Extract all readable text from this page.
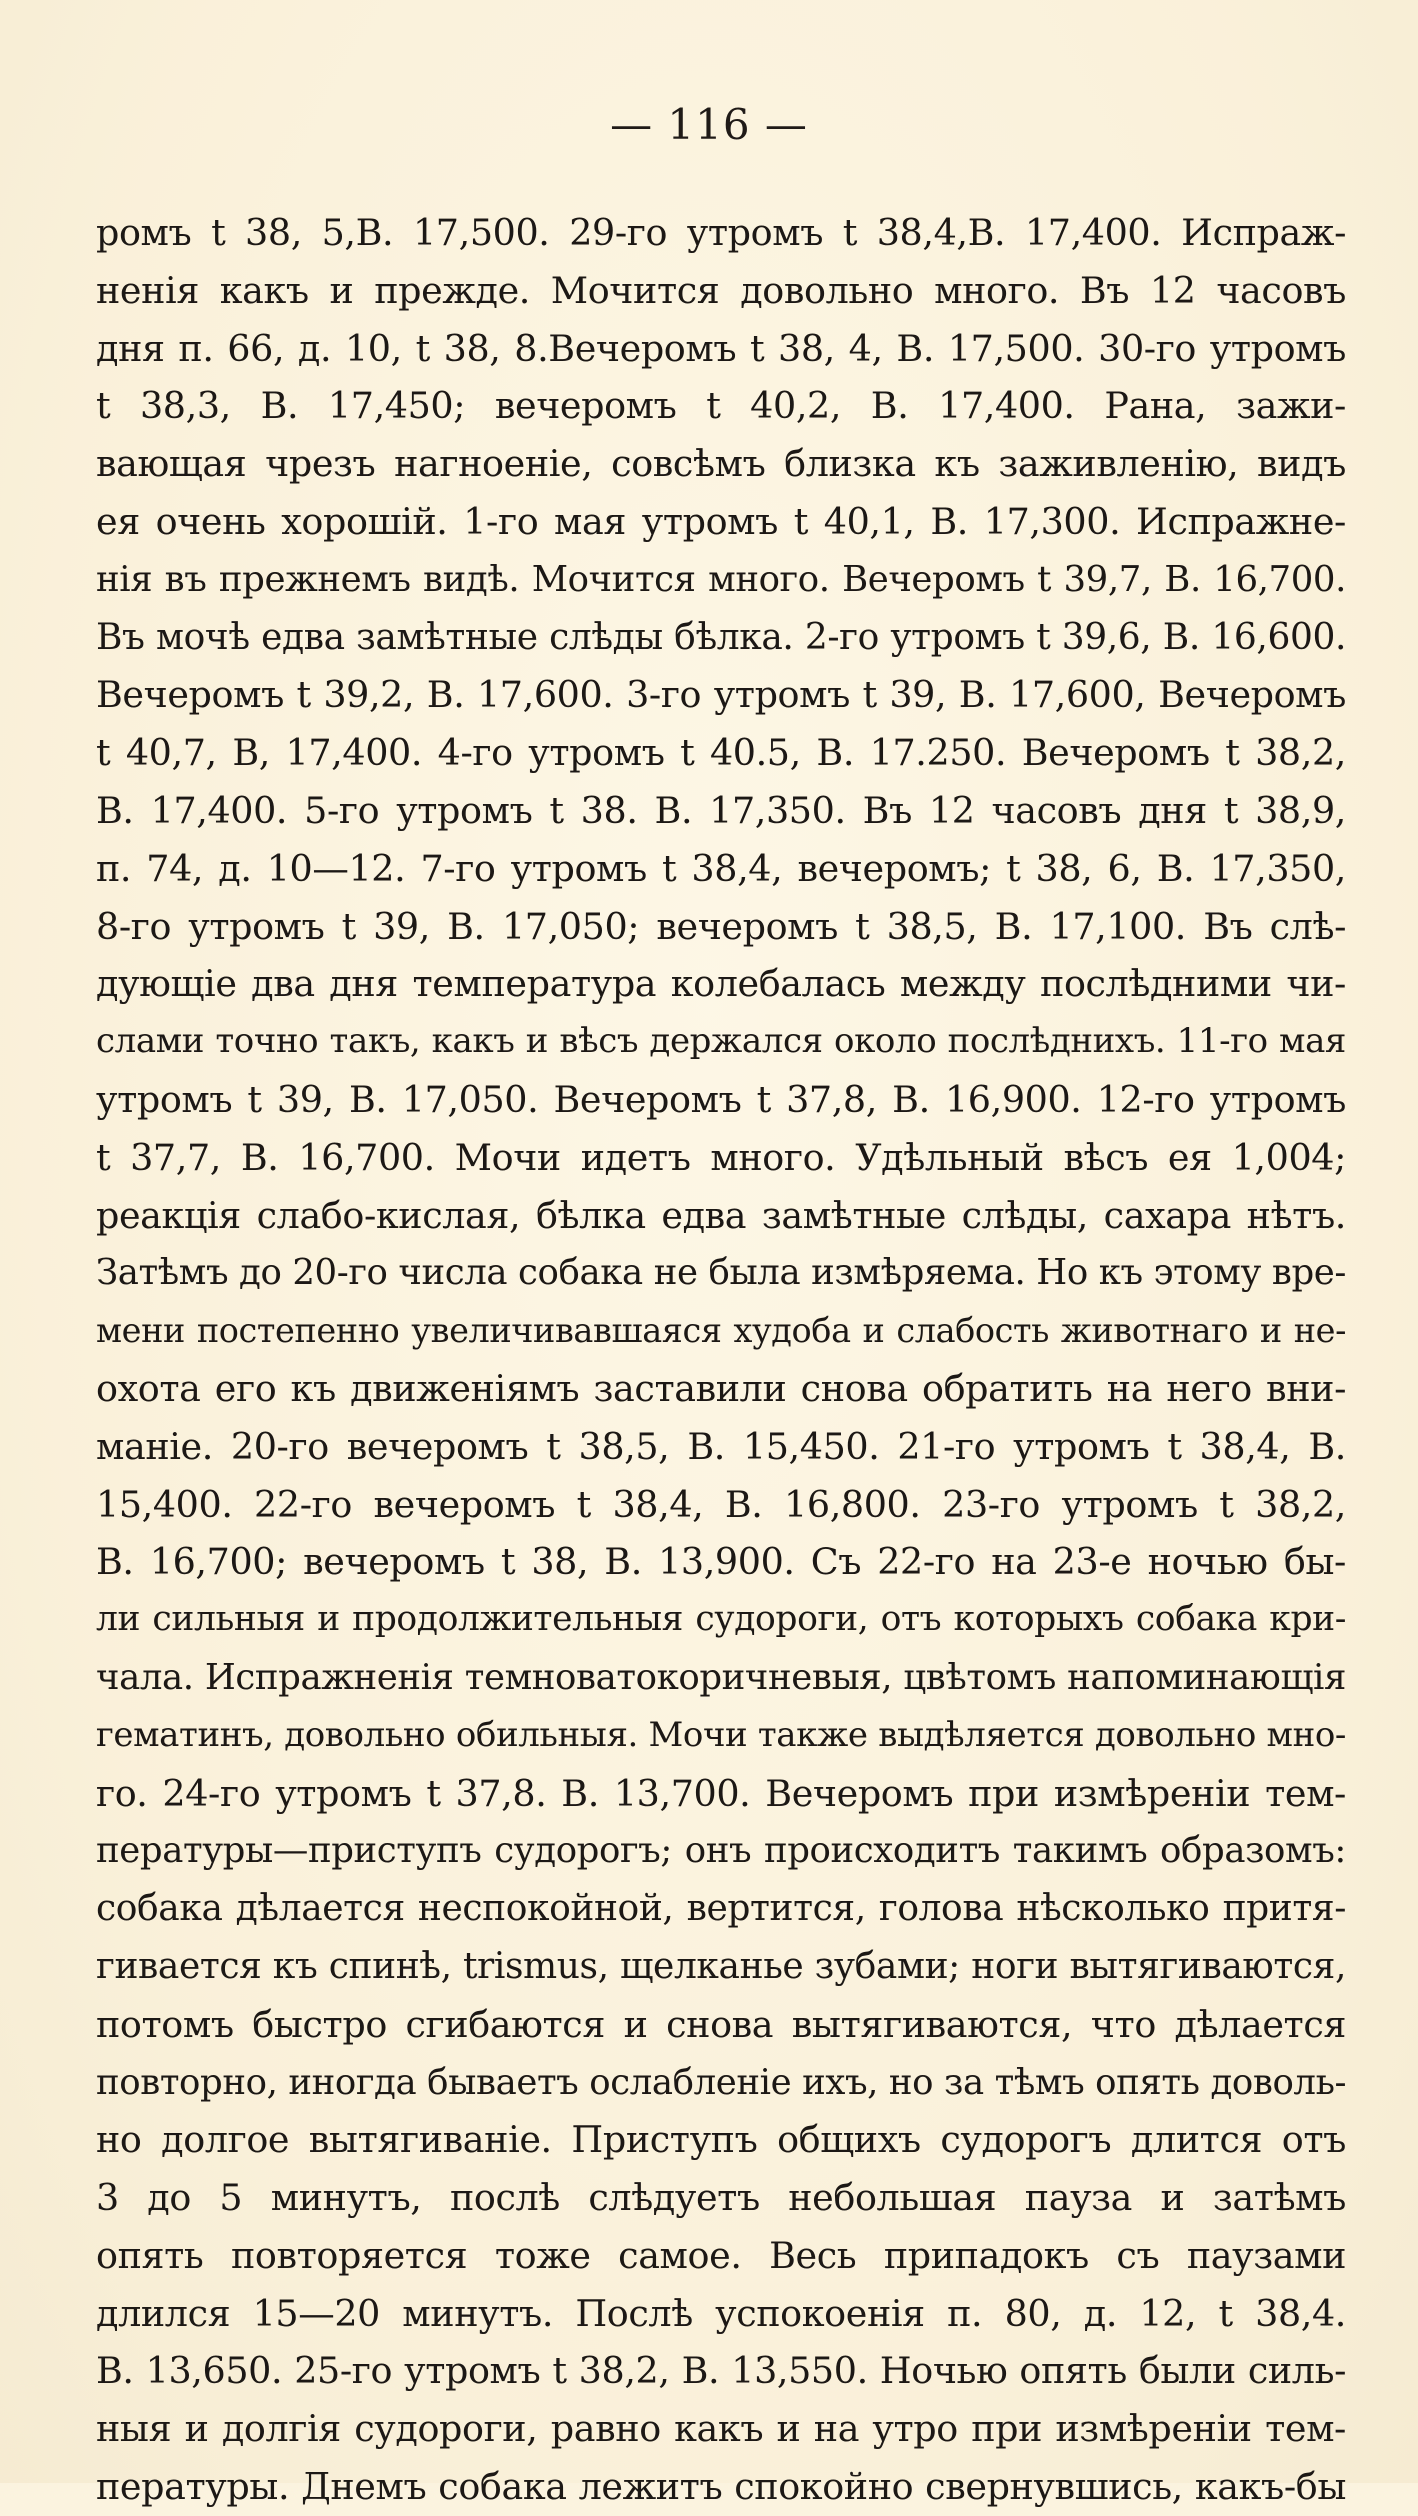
— 116 —
ромъ t 38, 5,B. 17,500. 29-го утромъ t 38,4,B. 17,400. Испраж-
ненія какъ и прежде. Мочится довольно много. Въ 12 часовъ
дня п. 66, д. 10, t 38, 8.Вечеромъ t 38, 4, B. 17,500. 30-го утромъ
t 38,3, В. 17,450; вечеромъ t 40,2, В. 17,400. Рана, зажи-
вающая чрезъ нагноеніе, совсѣмъ близка къ заживленію, видъ
ея очень хорошій. 1-го мая утромъ t 40,1, В. 17,300. Испражне-
нія въ прежнемъ видѣ. Мочится много. Вечеромъ t 39,7, B. 16,700.
Въ мочѣ едва замѣтные слѣды бѣлка. 2-го утромъ t 39,6, B. 16,600.
Вечеромъ t 39,2, B. 17,600. 3-го утромъ t 39, B. 17,600, Вечеромъ
t 40,7, B, 17,400. 4-го утромъ t 40.5, B. 17.250. Вечеромъ t 38,2,
В. 17,400. 5-го утромъ t 38. В. 17,350. Въ 12 часовъ дня t 38,9,
п. 74, д. 10—12. 7-го утромъ t 38,4, вечеромъ; t 38, 6, В. 17,350,
8-го утромъ t 39, В. 17,050; вечеромъ t 38,5, В. 17,100. Въ слѣ-
дующіе два дня температура колебалась между послѣдними чи-
слами точно такъ, какъ и вѣсъ держался около послѣднихъ. 11-го мая
утромъ t 39, B. 17,050. Вечеромъ t 37,8, B. 16,900. 12-го утромъ
t 37,7, В. 16,700. Мочи идетъ много. Удѣльный вѣсъ ея 1,004;
реакція слабо-кислая, бѣлка едва замѣтные слѣды, сахара нѣтъ.
Затѣмъ до 20-го числа собака не была измѣряема. Но къ этому вре-
мени постепенно увеличивавшаяся худоба и слабость животнаго и не-
охота его къ движеніямъ заставили снова обратить на него вни-
маніе. 20-го вечеромъ t 38,5, В. 15,450. 21-го утромъ t 38,4, В.
15,400. 22-го вечеромъ t 38,4, B. 16,800. 23-го утромъ t 38,2,
В. 16,700; вечеромъ t 38, B. 13,900. Съ 22-го на 23-е ночью бы-
ли сильныя и продолжительныя судороги, отъ которыхъ собака кри-
чала. Испражненія темноватокоричневыя, цвѣтомъ напоминающія
гематинъ, довольно обильныя. Мочи также выдѣляется довольно мно-
го. 24-го утромъ t 37,8. В. 13,700. Вечеромъ при измѣреніи тем-
пературы—приступъ судорогъ; онъ происходитъ такимъ образомъ:
собака дѣлается неспокойной, вертится, голова нѣсколько притя-
гивается къ спинѣ, trismus, щелканье зубами; ноги вытягиваются,
потомъ быстро сгибаются и снова вытягиваются, что дѣлается
повторно, иногда бываетъ ослабленіе ихъ, но за тѣмъ опять доволь-
но долгое вытягиваніе. Приступъ общихъ судорогъ длится отъ
3 до 5 минутъ, послѣ слѣдуетъ небольшая пауза и затѣмъ
опять повторяется тоже самое. Весь припадокъ съ паузами
длился 15—20 минутъ. Послѣ успокоенія п. 80, д. 12, t 38,4.
В. 13,650. 25-го утромъ t 38,2, B. 13,550. Ночью опять были силь-
ныя и долгія судороги, равно какъ и на утро при измѣреніи тем-
пературы. Днемъ собака лежитъ спокойно свернувшись, какъ-бы
